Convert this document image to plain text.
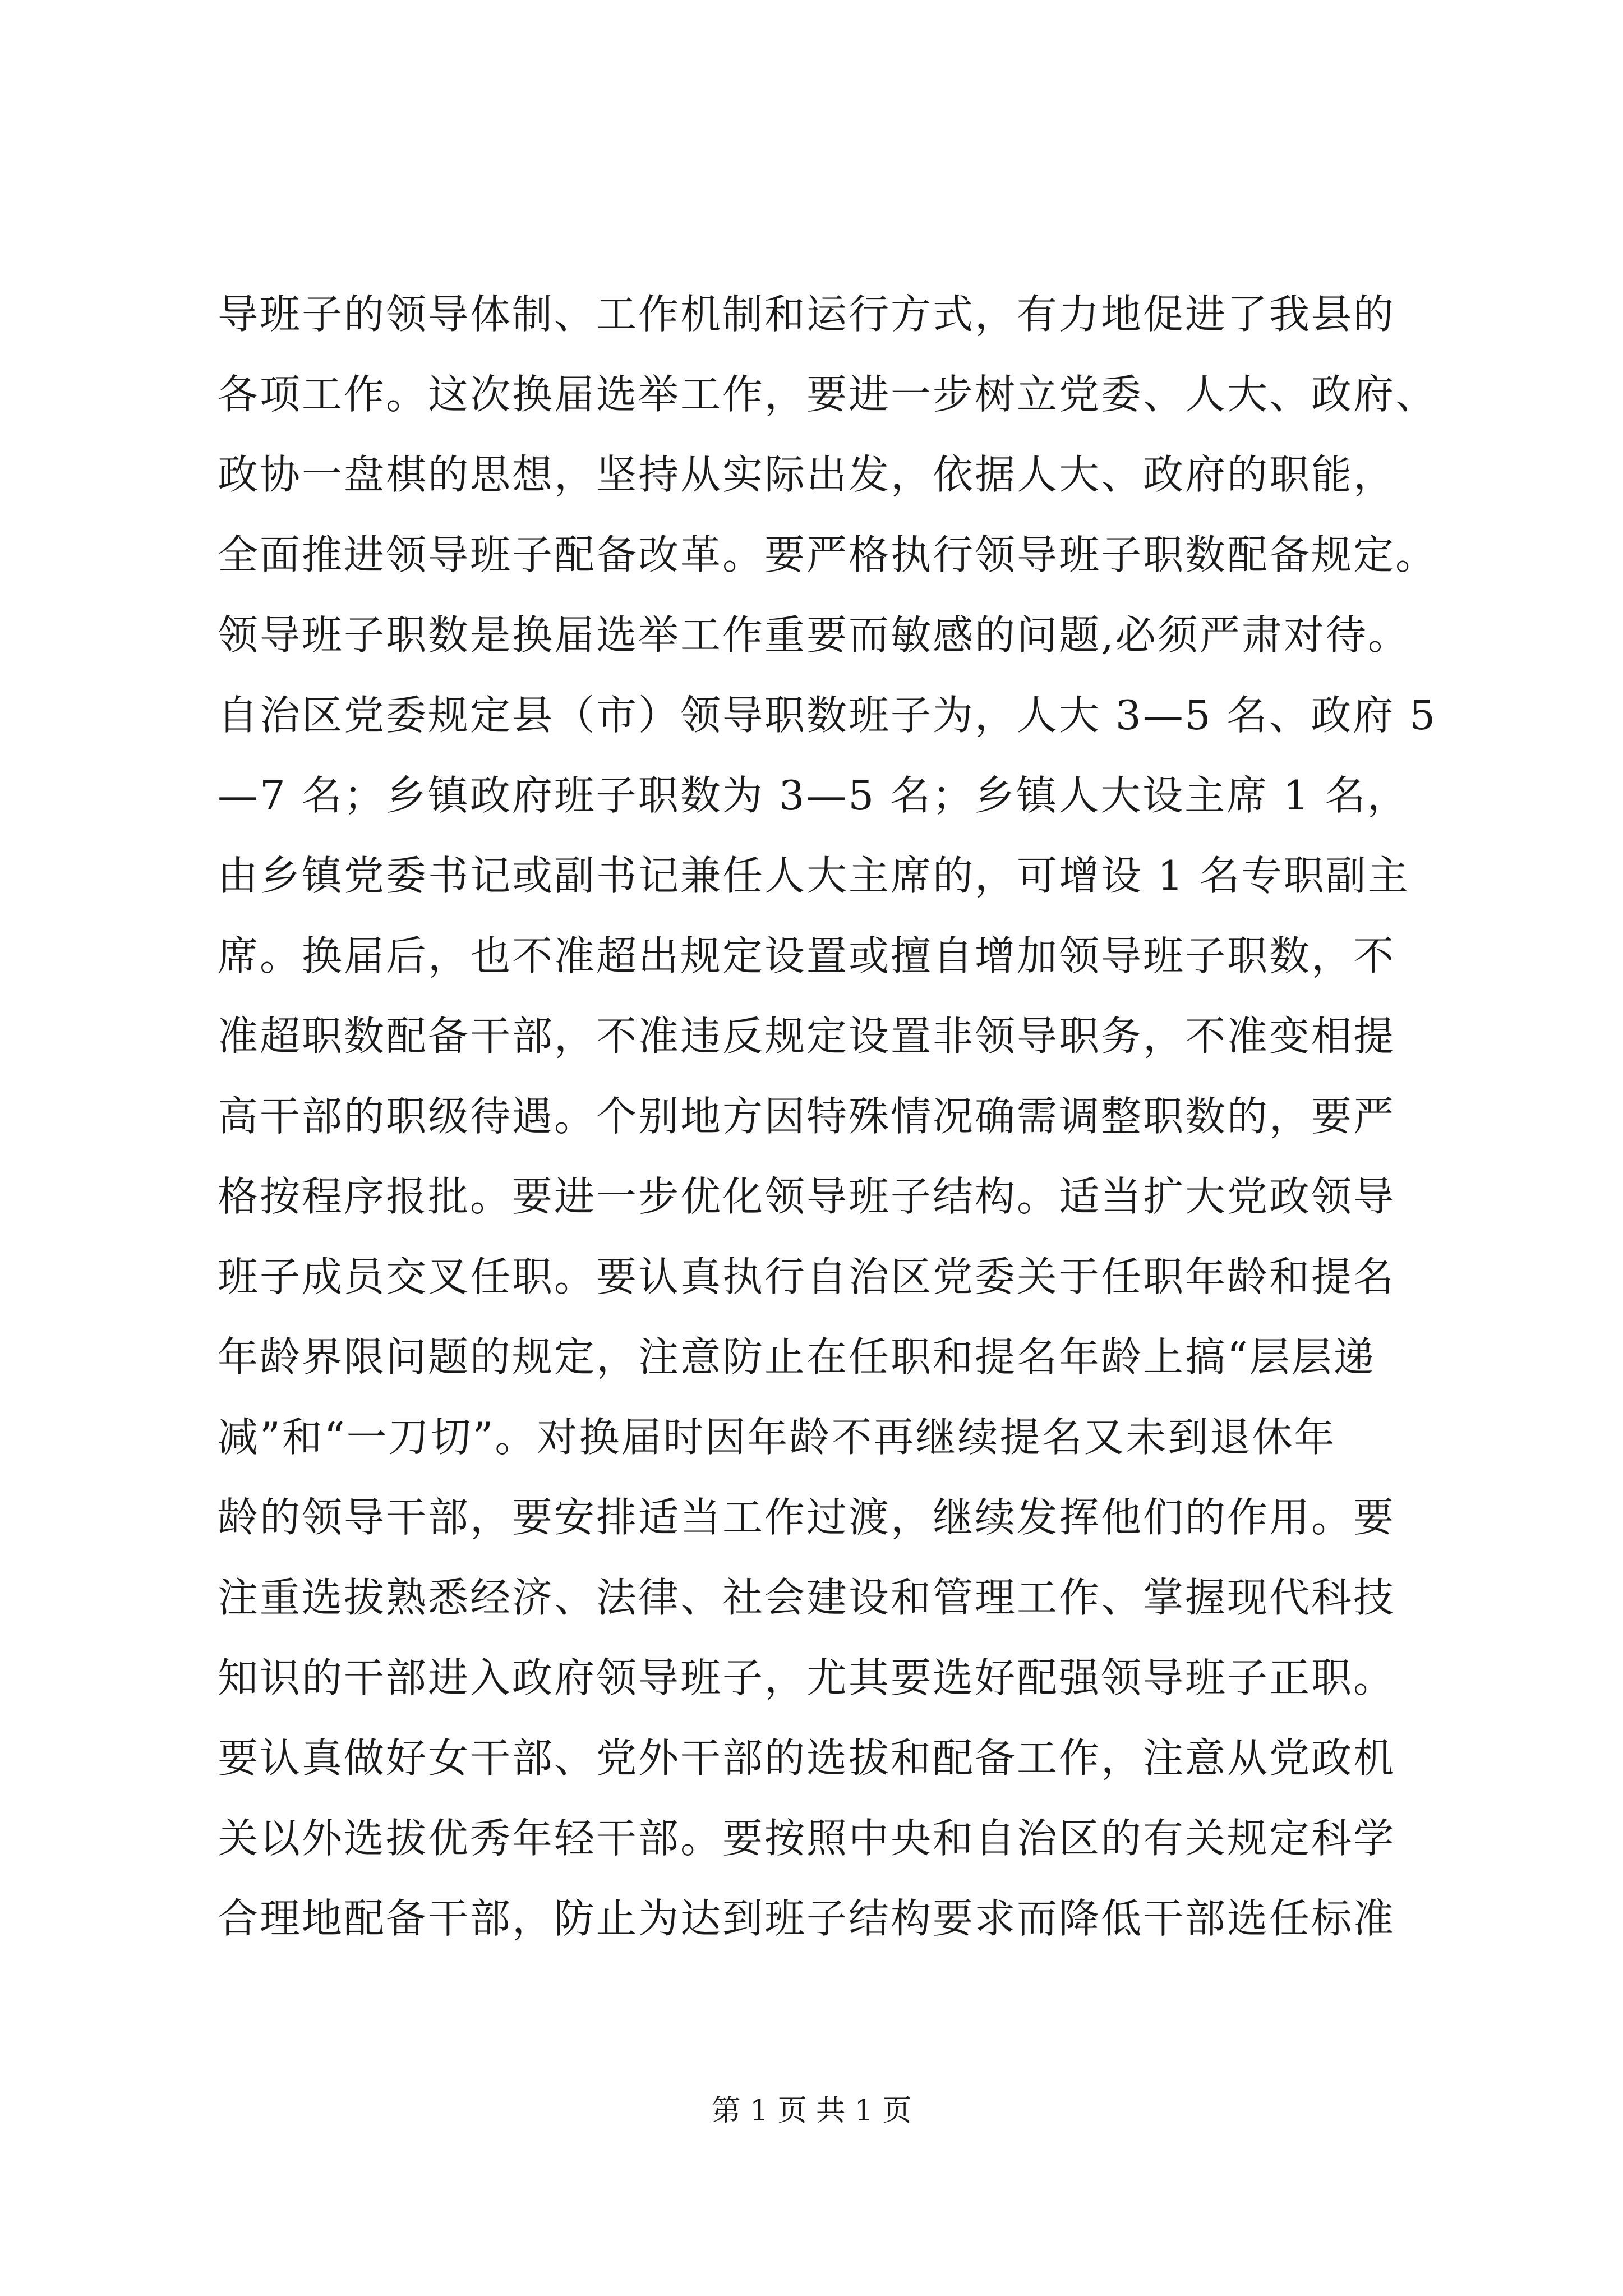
导班子的领导体制、工作机制和运行方式，有力地促进了我县的
各项工作。这次换届选举工作，要进一步树立党委、人大、政府、
政协一盘棋的思想，坚持从实际出发，依据人大、政府的职能，
全面推进领导班子配备改革。要严格执行领导班子职数配备规定。
领导班子职数是换届选举工作重要而敏感的问题,必须严肃对待。
自治区党委规定县（市）领导职数班子为，人大 3—5 名、政府 5
—7 名；乡镇政府班子职数为 3—5 名；乡镇人大设主席 1 名，
由乡镇党委书记或副书记兼任人大主席的，可增设 1 名专职副主
席。换届后，也不准超出规定设置或擅自增加领导班子职数，不
准超职数配备干部，不准违反规定设置非领导职务，不准变相提
高干部的职级待遇。个别地方因特殊情况确需调整职数的，要严
格按程序报批。要进一步优化领导班子结构。适当扩大党政领导
班子成员交叉任职。要认真执行自治区党委关于任职年龄和提名
年龄界限问题的规定，注意防止在任职和提名年龄上搞“层层递
减”和“一刀切”。对换届时因年龄不再继续提名又未到退休年
龄的领导干部，要安排适当工作过渡，继续发挥他们的作用。要
注重选拔熟悉经济、法律、社会建设和管理工作、掌握现代科技
知识的干部进入政府领导班子，尤其要选好配强领导班子正职。
要认真做好女干部、党外干部的选拔和配备工作，注意从党政机
关以外选拔优秀年轻干部。要按照中央和自治区的有关规定科学
合理地配备干部，防止为达到班子结构要求而降低干部选任标准
第 1 页 共 1 页
